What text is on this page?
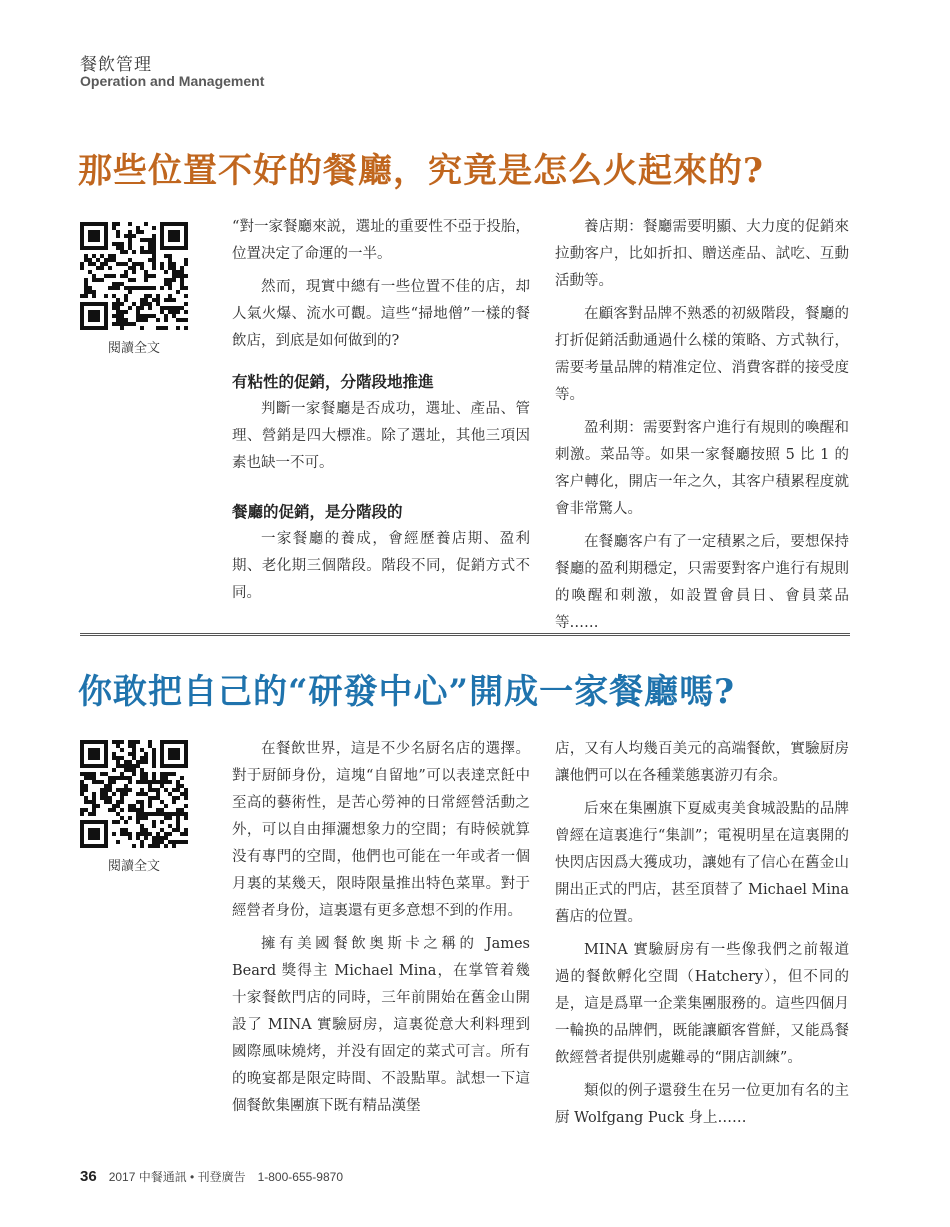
餐飲管理
Operation and Management
那些位置不好的餐廳，究竟是怎么火起來的?
閱讀全文

“對一家餐廳來説，選址的重要性不亞于投胎，位置决定了命運的一半。

然而，現實中總有一些位置不佳的店，却人氣火爆、流水可觀。這些“掃地僧”一樣的餐飲店，到底是如何做到的?

有粘性的促銷，分階段地推進

判斷一家餐廳是否成功，選址、產品、管理、營銷是四大標准。除了選址，其他三項因素也缺一不可。

餐廳的促銷，是分階段的

一家餐廳的養成，會經歷養店期、盈利期、老化期三個階段。階段不同，促銷方式不同。

養店期：餐廳需要明顯、大力度的促銷來拉動客户，比如折扣、贈送產品、試吃、互動活動等。

在顧客對品牌不熟悉的初級階段，餐廳的打折促銷活動通過什么樣的策略、方式執行，需要考量品牌的精准定位、消費客群的接受度等。

盈利期：需要對客户進行有規則的喚醒和刺激。菜品等。如果一家餐廳按照 5 比 1 的客户轉化，開店一年之久，其客户積累程度就會非常驚人。

在餐廳客户有了一定積累之后，要想保持餐廳的盈利期穩定，只需要對客户進行有規則的喚醒和刺激，如設置會員日、會員菜品等……

你敢把自己的“研發中心”開成一家餐廳嗎?
閱讀全文

在餐飲世界，這是不少名厨名店的選擇。對于厨師身份，這塊“自留地”可以表達烹飪中至高的藝術性，是苦心勞神的日常經營活動之外，可以自由揮灑想象力的空間；有時候就算没有專門的空間，他們也可能在一年或者一個月裏的某幾天，限時限量推出特色菜單。對于經營者身份，這裏還有更多意想不到的作用。

擁有美國餐飲奥斯卡之稱的 James Beard 獎得主 Michael Mina，在掌管着幾十家餐飲門店的同時，三年前開始在舊金山開設了 MINA 實驗厨房，這裏從意大利料理到國際風味燒烤，并没有固定的菜式可言。所有的晚宴都是限定時間、不設點單。試想一下這個餐飲集團旗下既有精品漢堡

店，又有人均幾百美元的高端餐飲，實驗厨房讓他們可以在各種業態裏游刃有余。

后來在集團旗下夏威夷美食城設點的品牌曾經在這裏進行“集訓”；電視明星在這裏開的快閃店因爲大獲成功，讓她有了信心在舊金山開出正式的門店，甚至頂替了 Michael Mina 舊店的位置。

MINA 實驗厨房有一些像我們之前報道過的餐飲孵化空間（Hatchery），但不同的是，這是爲單一企業集團服務的。這些四個月一輪换的品牌們，既能讓顧客嘗鮮，又能爲餐飲經營者提供别處難尋的“開店訓練”。

類似的例子還發生在另一位更加有名的主厨 Wolfgang Puck 身上……

36 2017 中餐通訊 • 刊登廣告　1-800-655-9870
